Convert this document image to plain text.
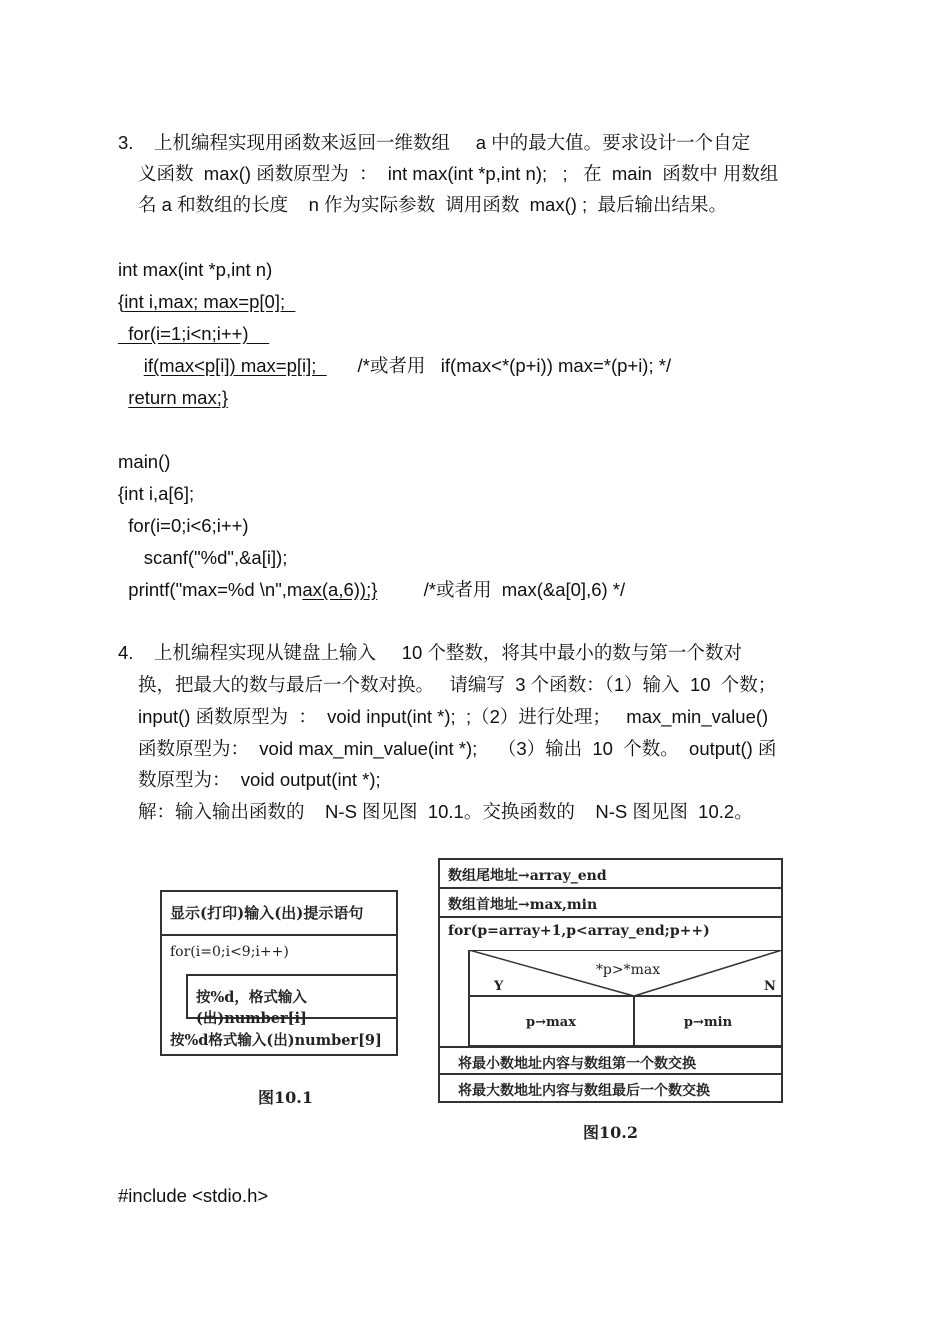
3.    上机编程实现用函数来返回一维数组     a 中的最大值。要求设计一个自定
义函数  max() 函数原型为  ：  int max(int *p,int n);   ;   在  main  函数中 用数组
名 a 和数组的长度    n 作为实际参数  调用函数  max() ;  最后输出结果。
int max(int *p,int n)
{int i,max; max=p[0];
for(i=1;i<n;i++)
if(max<p[i]) max=p[i];        /*或者用   if(max<*(p+i)) max=*(p+i); */
return max;}
main()
{int i,a[6];
for(i=0;i<6;i++)
scanf("%d",&a[i]);
printf("max=%d \n",max(a,6));}         /*或者用  max(&a[0],6) */
4.    上机编程实现从键盘上输入     10 个整数，将其中最小的数与第一个数对
换，把最大的数与最后一个数对换。   请编写  3 个函数：（1）输入  10  个数；
input() 函数原型为  ：  void input(int *);  ;（2）进行处理；   max_min_value()
函数原型为：  void max_min_value(int *);    （3）输出  10  个数。  output() 函
数原型为：  void output(int *);
解：输入输出函数的    N-S 图见图  10.1。交换函数的    N-S 图见图  10.2。
显示(打印)输入(出)提示语句
for(i=0;i<9;i++)
按%d，格式输入(出)number[i]
按%d格式输入(出)number[9]
图10.1
数组尾地址→array_end
数组首地址→max,min
for(p=array+1,p<array_end;p++)
*p>*max
Y	N
p→max	p→min
将最小数地址内容与数组第一个数交换
将最大数地址内容与数组最后一个数交换
图10.2
#include <stdio.h>
